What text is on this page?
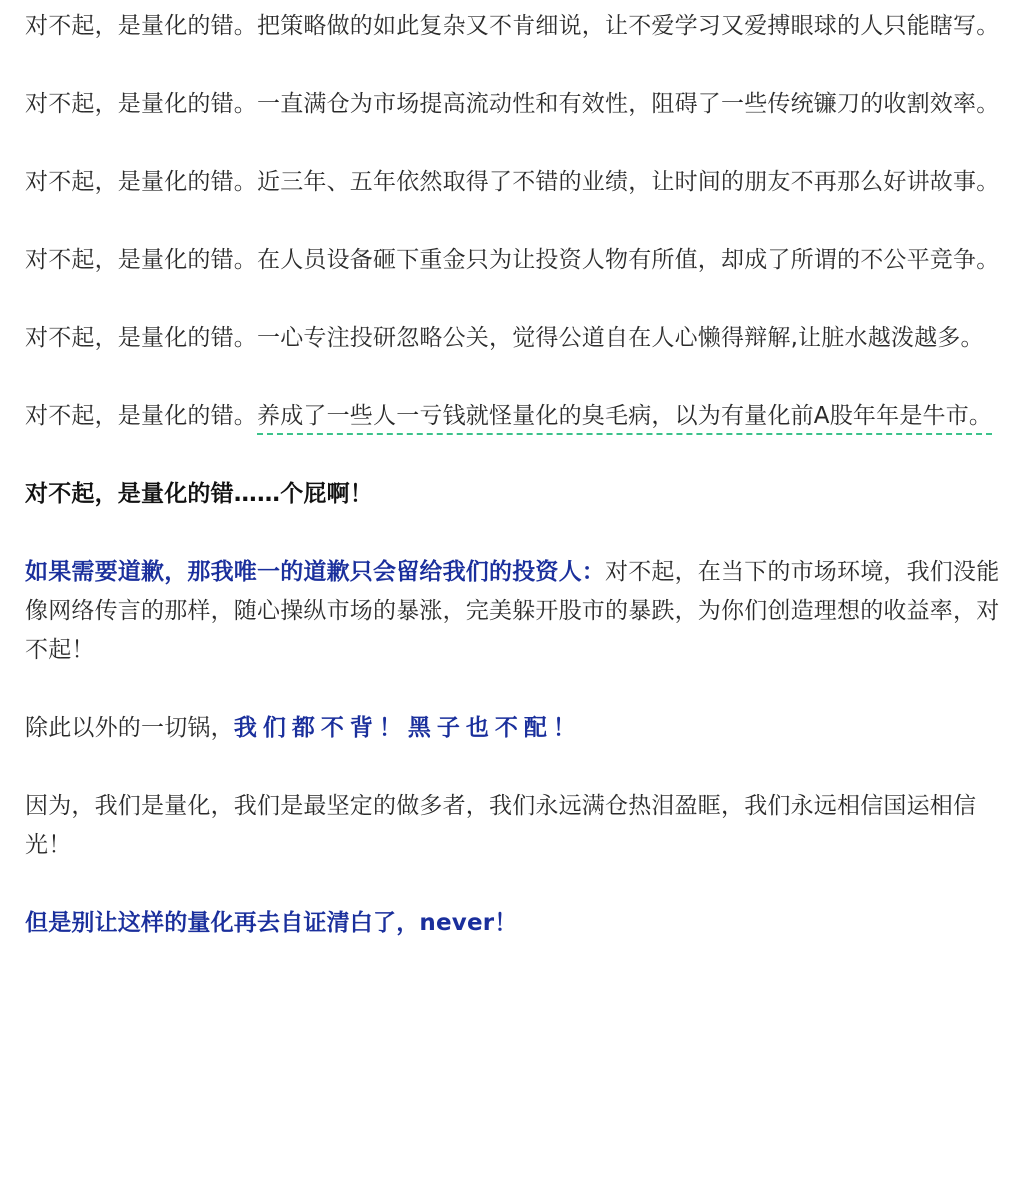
对不起，是量化的错。把策略做的如此复杂又不肯细说，让不爱学习又爱搏眼球的人只能瞎写。

对不起，是量化的错。一直满仓为市场提高流动性和有效性，阻碍了一些传统镰刀的收割效率。

对不起，是量化的错。近三年、五年依然取得了不错的业绩，让时间的朋友不再那么好讲故事。

对不起，是量化的错。在人员设备砸下重金只为让投资人物有所值，却成了所谓的不公平竞争。

对不起，是量化的错。一心专注投研忽略公关，觉得公道自在人心懒得辩解,让脏水越泼越多。

对不起，是量化的错。养成了一些人一亏钱就怪量化的臭毛病，以为有量化前A股年年是牛市。

对不起，是量化的错……个屁啊！

如果需要道歉，那我唯一的道歉只会留给我们的投资人：对不起，在当下的市场环境，我们没能像网络传言的那样，随心操纵市场的暴涨，完美躲开股市的暴跌，为你们创造理想的收益率，对不起！

除此以外的一切锅，我们都不背！黑子也不配！

因为，我们是量化，我们是最坚定的做多者，我们永远满仓热泪盈眶，我们永远相信国运相信光！

但是别让这样的量化再去自证清白了，never！
